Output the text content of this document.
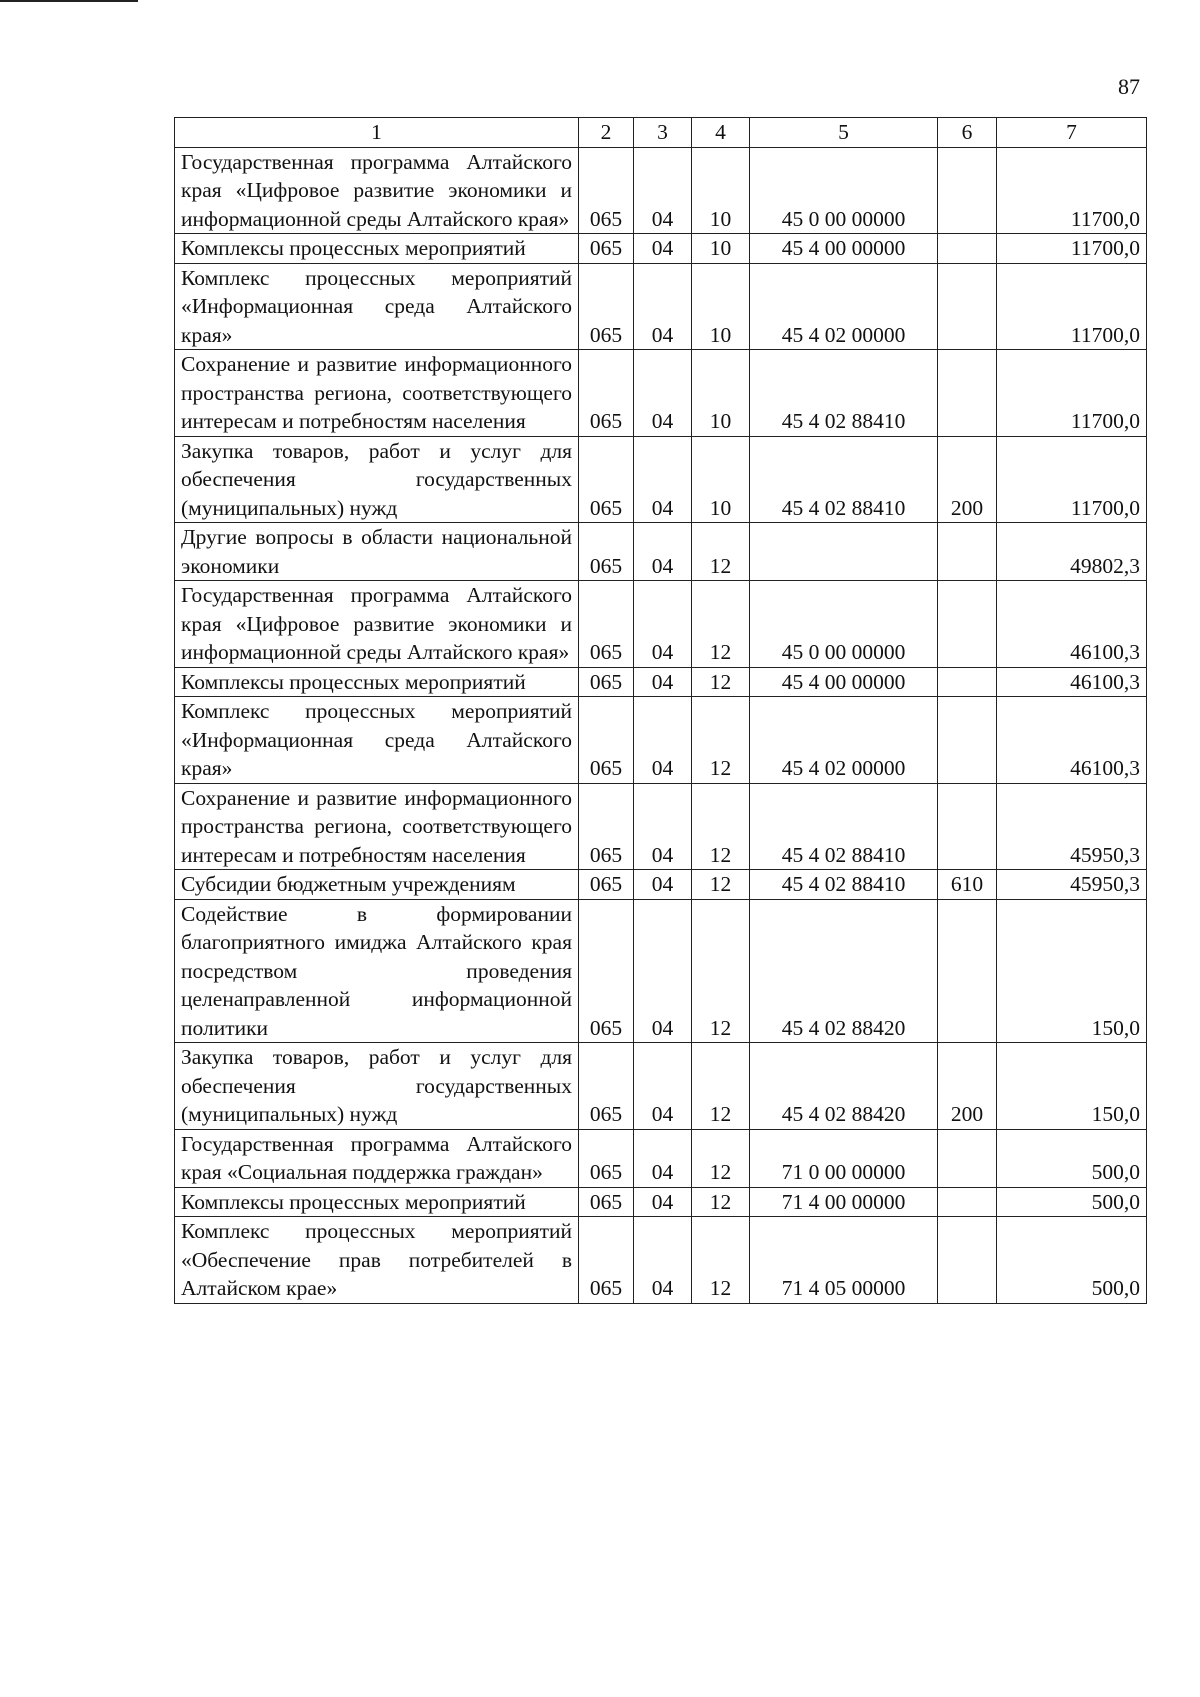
87
1	2	3	4	5	6	7
Государственная программа Алтайского края «Цифровое развитие экономики и информационной среды Алтайского края»	065	04	10	45 0 00 00000		11700,0
Комплексы процессных мероприятий	065	04	10	45 4 00 00000		11700,0
Комплекс процессных мероприятий «Информационная среда Алтайского края»	065	04	10	45 4 02 00000		11700,0
Сохранение и развитие информационного пространства региона, соответствующего интересам и потребностям населения	065	04	10	45 4 02 88410		11700,0
Закупка товаров, работ и услуг для обеспечения государственных (муниципальных) нужд	065	04	10	45 4 02 88410	200	11700,0
Другие вопросы в области национальной экономики	065	04	12			49802,3
Государственная программа Алтайского края «Цифровое развитие экономики и информационной среды Алтайского края»	065	04	12	45 0 00 00000		46100,3
Комплексы процессных мероприятий	065	04	12	45 4 00 00000		46100,3
Комплекс процессных мероприятий «Информационная среда Алтайского края»	065	04	12	45 4 02 00000		46100,3
Сохранение и развитие информационного пространства региона, соответствующего интересам и потребностям населения	065	04	12	45 4 02 88410		45950,3
Субсидии бюджетным учреждениям	065	04	12	45 4 02 88410	610	45950,3
Содействие в формировании благоприятного имиджа Алтайского края посредством проведения целенаправленной информационной политики	065	04	12	45 4 02 88420		150,0
Закупка товаров, работ и услуг для обеспечения государственных (муниципальных) нужд	065	04	12	45 4 02 88420	200	150,0
Государственная программа Алтайского края «Социальная поддержка граждан»	065	04	12	71 0 00 00000		500,0
Комплексы процессных мероприятий	065	04	12	71 4 00 00000		500,0
Комплекс процессных мероприятий «Обеспечение прав потребителей в Алтайском крае»	065	04	12	71 4 05 00000		500,0
